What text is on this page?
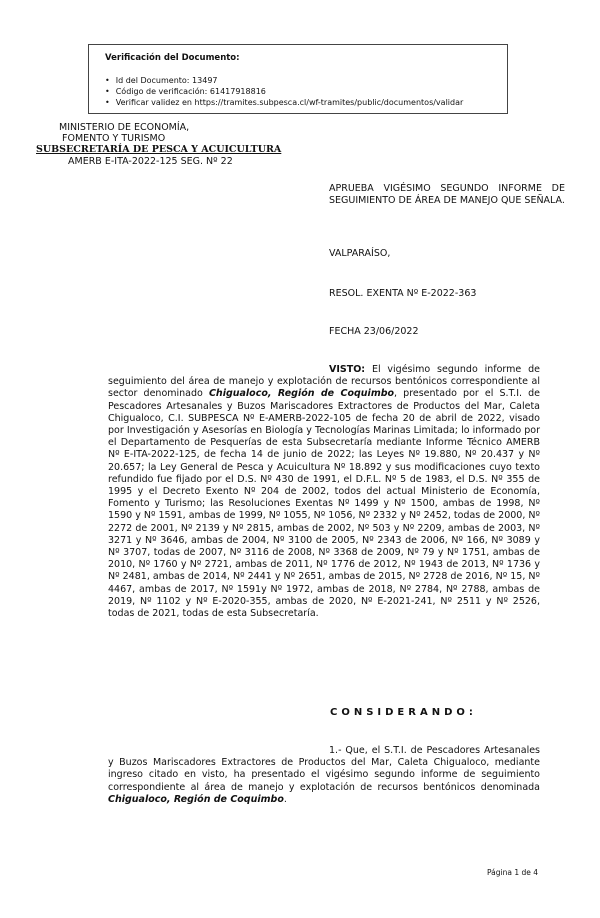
Verificación del Documento:

• Id del Documento: 13497
• Código de verificación: 61417918816
• Verificar validez en https://tramites.subpesca.cl/wf-tramites/public/documentos/validar
MINISTERIO DE ECONOMÍA,
FOMENTO Y TURISMO
SUBSECRETARÍA DE PESCA Y ACUICULTURA
AMERB E-ITA-2022-125 SEG. Nº 22
APRUEBA VIGÉSIMO SEGUNDO INFORME DE SEGUIMIENTO DE ÁREA DE MANEJO QUE SEÑALA.
VALPARAÍSO,
RESOL. EXENTA Nº E-2022-363
FECHA 23/06/2022
VISTO: El vigésimo segundo informe de seguimiento del área de manejo y explotación de recursos bentónicos correspondiente al sector denominado Chigualoco, Región de Coquimbo, presentado por el S.T.I. de Pescadores Artesanales y Buzos Mariscadores Extractores de Productos del Mar, Caleta Chigualoco, C.I. SUBPESCA Nº E-AMERB-2022-105 de fecha 20 de abril de 2022, visado por Investigación y Asesorías en Biología y Tecnologías Marinas Limitada; lo informado por el Departamento de Pesquerías de esta Subsecretaría mediante Informe Técnico AMERB Nº E-ITA-2022-125, de fecha 14 de junio de 2022; las Leyes Nº 19.880, Nº 20.437 y Nº 20.657; la Ley General de Pesca y Acuicultura Nº 18.892 y sus modificaciones cuyo texto refundido fue fijado por el D.S. Nº 430 de 1991, el D.F.L. Nº 5 de 1983, el D.S. Nº 355 de 1995 y el Decreto Exento Nº 204 de 2002, todos del actual Ministerio de Economía, Fomento y Turismo; las Resoluciones Exentas Nº 1499 y Nº 1500, ambas de 1998, Nº 1590 y Nº 1591, ambas de 1999, Nº 1055, Nº 1056, Nº 2332 y Nº 2452, todas de 2000, Nº 2272 de 2001, Nº 2139 y Nº 2815, ambas de 2002, Nº 503 y Nº 2209, ambas de 2003, Nº 3271 y Nº 3646, ambas de 2004, Nº 3100 de 2005, Nº 2343 de 2006, Nº 166, Nº 3089 y Nº 3707, todas de 2007, Nº 3116 de 2008, Nº 3368 de 2009, Nº 79 y Nº 1751, ambas de 2010, Nº 1760 y Nº 2721, ambas de 2011, Nº 1776 de 2012, Nº 1943 de 2013, Nº 1736 y Nº 2481, ambas de 2014, Nº 2441 y Nº 2651, ambas de 2015, Nº 2728 de 2016, Nº 15, Nº 4467, ambas de 2017, Nº 1591y Nº 1972, ambas de 2018, Nº 2784, Nº 2788, ambas de 2019, Nº 1102 y Nº E-2020-355, ambas de 2020, Nº E-2021-241, Nº 2511 y Nº 2526, todas de 2021, todas de esta Subsecretaría.
CONSIDERANDO:
1.- Que, el S.T.I. de Pescadores Artesanales y Buzos Mariscadores Extractores de Productos del Mar, Caleta Chigualoco, mediante ingreso citado en visto, ha presentado el vigésimo segundo informe de seguimiento correspondiente al área de manejo y explotación de recursos bentónicos denominada Chigualoco, Región de Coquimbo.
Página 1 de 4
